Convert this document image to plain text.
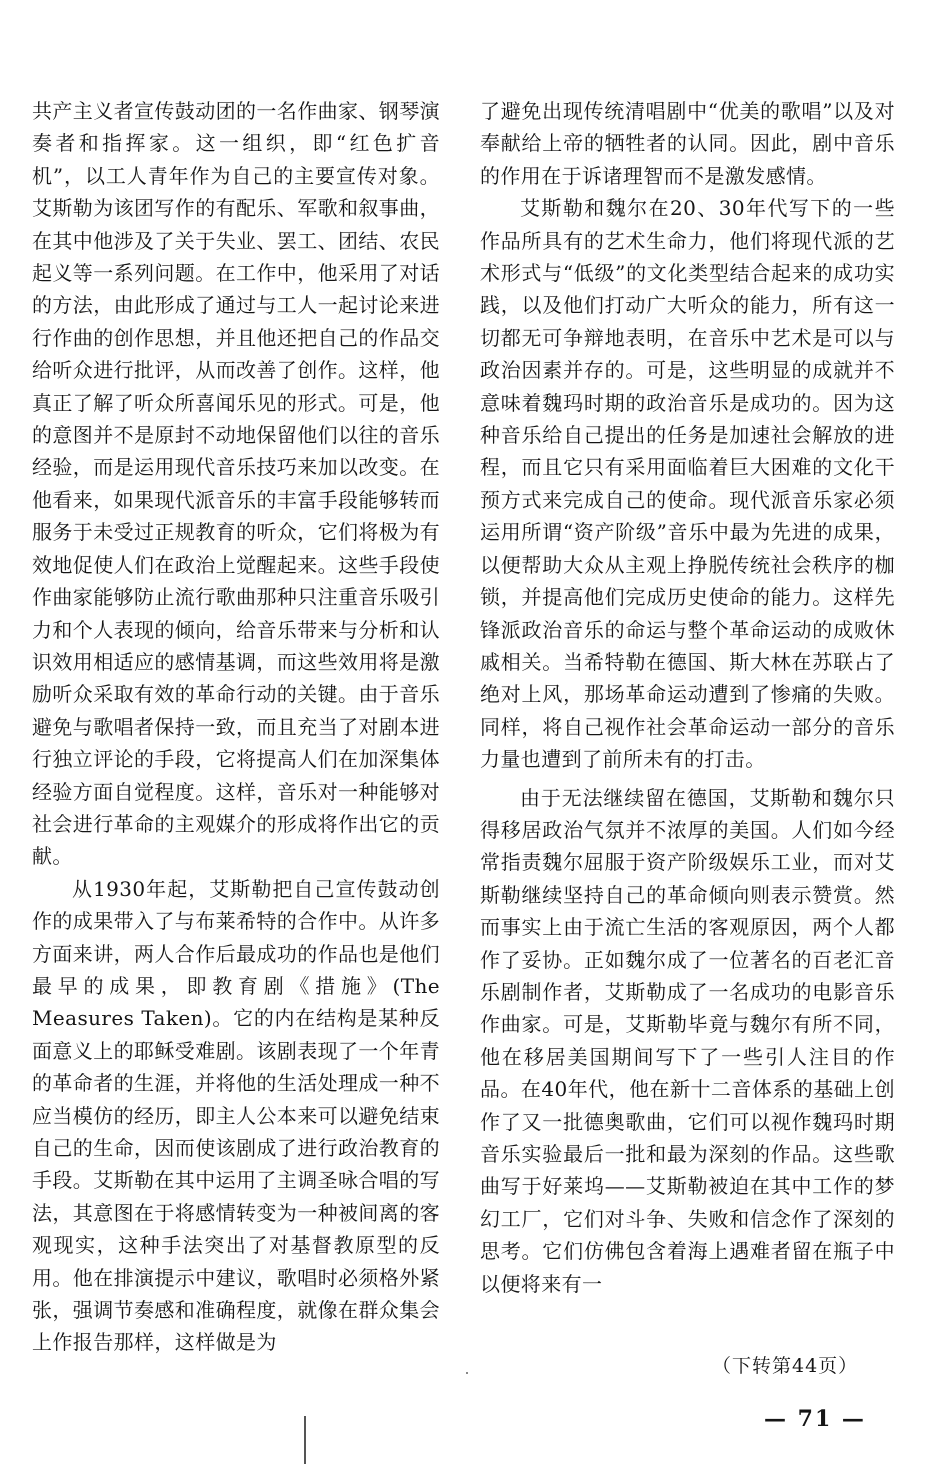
共产主义者宣传鼓动团的一名作曲家、钢琴演奏者和指挥家。这一组织，即“红色扩音机”，以工人青年作为自己的主要宣传对象。艾斯勒为该团写作的有配乐、军歌和叙事曲，在其中他涉及了关于失业、罢工、团结、农民起义等一系列问题。在工作中，他采用了对话的方法，由此形成了通过与工人一起讨论来进行作曲的创作思想，并且他还把自己的作品交给听众进行批评，从而改善了创作。这样，他真正了解了听众所喜闻乐见的形式。可是，他的意图并不是原封不动地保留他们以往的音乐经验，而是运用现代音乐技巧来加以改变。在他看来，如果现代派音乐的丰富手段能够转而服务于未受过正规教育的听众，它们将极为有效地促使人们在政治上觉醒起来。这些手段使作曲家能够防止流行歌曲那种只注重音乐吸引力和个人表现的倾向，给音乐带来与分析和认识效用相适应的感情基调，而这些效用将是激励听众采取有效的革命行动的关键。由于音乐避免与歌唱者保持一致，而且充当了对剧本进行独立评论的手段，它将提高人们在加深集体经验方面自觉程度。这样，音乐对一种能够对社会进行革命的主观媒介的形成将作出它的贡献。

从1930年起，艾斯勒把自己宣传鼓动创作的成果带入了与布莱希特的合作中。从许多方面来讲，两人合作后最成功的作品也是他们最早的成果，即教育剧《措施》(The Measures Taken)。它的内在结构是某种反面意义上的耶稣受难剧。该剧表现了一个年青的革命者的生涯，并将他的生活处理成一种不应当模仿的经历，即主人公本来可以避免结束自己的生命，因而使该剧成了进行政治教育的手段。艾斯勒在其中运用了主调圣咏合唱的写法，其意图在于将感情转变为一种被间离的客观现实，这种手法突出了对基督教原型的反用。他在排演提示中建议，歌唱时必须格外紧张，强调节奏感和准确程度，就像在群众集会上作报告那样，这样做是为

了避免出现传统清唱剧中“优美的歌唱”以及对奉献给上帝的牺牲者的认同。因此，剧中音乐的作用在于诉诸理智而不是激发感情。

艾斯勒和魏尔在20、30年代写下的一些作品所具有的艺术生命力，他们将现代派的艺术形式与“低级”的文化类型结合起来的成功实践，以及他们打动广大听众的能力，所有这一切都无可争辩地表明，在音乐中艺术是可以与政治因素并存的。可是，这些明显的成就并不意味着魏玛时期的政治音乐是成功的。因为这种音乐给自己提出的任务是加速社会解放的进程，而且它只有采用面临着巨大困难的文化干预方式来完成自己的使命。现代派音乐家必须运用所谓“资产阶级”音乐中最为先进的成果，以便帮助大众从主观上挣脱传统社会秩序的枷锁，并提高他们完成历史使命的能力。这样先锋派政治音乐的命运与整个革命运动的成败休戚相关。当希特勒在德国、斯大林在苏联占了绝对上风，那场革命运动遭到了惨痛的失败。同样，将自己视作社会革命运动一部分的音乐力量也遭到了前所未有的打击。

由于无法继续留在德国，艾斯勒和魏尔只得移居政治气氛并不浓厚的美国。人们如今经常指责魏尔屈服于资产阶级娱乐工业，而对艾斯勒继续坚持自己的革命倾向则表示赞赏。然而事实上由于流亡生活的客观原因，两个人都作了妥协。正如魏尔成了一位著名的百老汇音乐剧制作者，艾斯勒成了一名成功的电影音乐作曲家。可是，艾斯勒毕竟与魏尔有所不同，他在移居美国期间写下了一些引人注目的作品。在40年代，他在新十二音体系的基础上创作了又一批德奥歌曲，它们可以视作魏玛时期音乐实验最后一批和最为深刻的作品。这些歌曲写于好莱坞——艾斯勒被迫在其中工作的梦幻工厂，它们对斗争、失败和信念作了深刻的思考。它们仿佛包含着海上遇难者留在瓶子中以便将来有一

（下转第44页）
— 71 —
